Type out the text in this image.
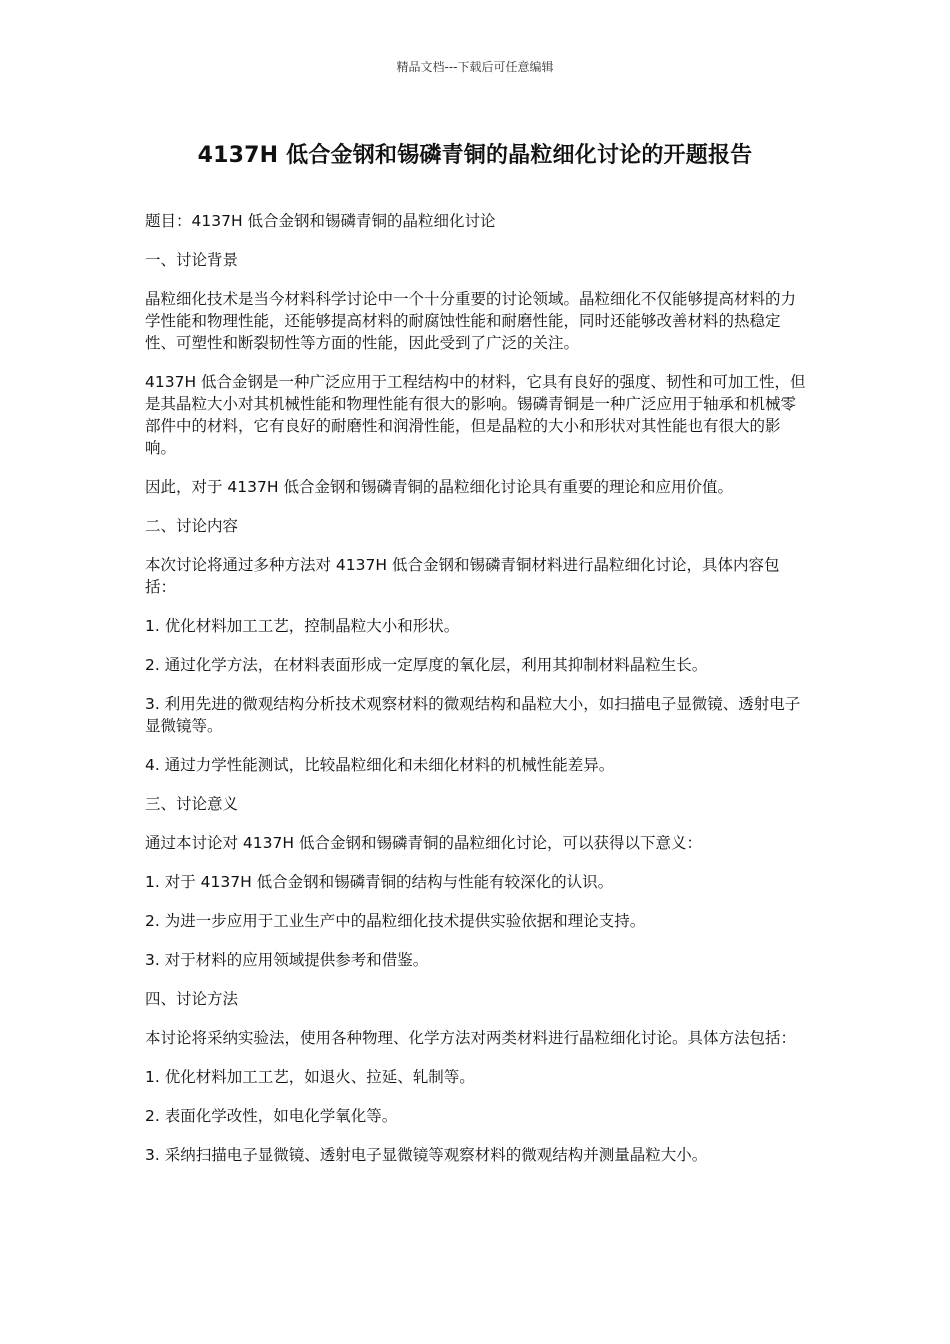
精品文档---下载后可任意编辑
4137H 低合金钢和锡磷青铜的晶粒细化讨论的开题报告

题目：4137H 低合金钢和锡磷青铜的晶粒细化讨论

一、讨论背景

晶粒细化技术是当今材料科学讨论中一个十分重要的讨论领域。晶粒细化不仅能够提高材料的力学性能和物理性能，还能够提高材料的耐腐蚀性能和耐磨性能，同时还能够改善材料的热稳定性、可塑性和断裂韧性等方面的性能，因此受到了广泛的关注。

4137H 低合金钢是一种广泛应用于工程结构中的材料，它具有良好的强度、韧性和可加工性，但是其晶粒大小对其机械性能和物理性能有很大的影响。锡磷青铜是一种广泛应用于轴承和机械零部件中的材料，它有良好的耐磨性和润滑性能，但是晶粒的大小和形状对其性能也有很大的影响。

因此，对于 4137H 低合金钢和锡磷青铜的晶粒细化讨论具有重要的理论和应用价值。

二、讨论内容

本次讨论将通过多种方法对 4137H 低合金钢和锡磷青铜材料进行晶粒细化讨论，具体内容包括：

1. 优化材料加工工艺，控制晶粒大小和形状。

2. 通过化学方法，在材料表面形成一定厚度的氧化层，利用其抑制材料晶粒生长。

3. 利用先进的微观结构分析技术观察材料的微观结构和晶粒大小，如扫描电子显微镜、透射电子显微镜等。

4. 通过力学性能测试，比较晶粒细化和未细化材料的机械性能差异。

三、讨论意义

通过本讨论对 4137H 低合金钢和锡磷青铜的晶粒细化讨论，可以获得以下意义：

1. 对于 4137H 低合金钢和锡磷青铜的结构与性能有较深化的认识。

2. 为进一步应用于工业生产中的晶粒细化技术提供实验依据和理论支持。

3. 对于材料的应用领域提供参考和借鉴。

四、讨论方法

本讨论将采纳实验法，使用各种物理、化学方法对两类材料进行晶粒细化讨论。具体方法包括：

1. 优化材料加工工艺，如退火、拉延、轧制等。

2. 表面化学改性，如电化学氧化等。

3. 采纳扫描电子显微镜、透射电子显微镜等观察材料的微观结构并测量晶粒大小。
